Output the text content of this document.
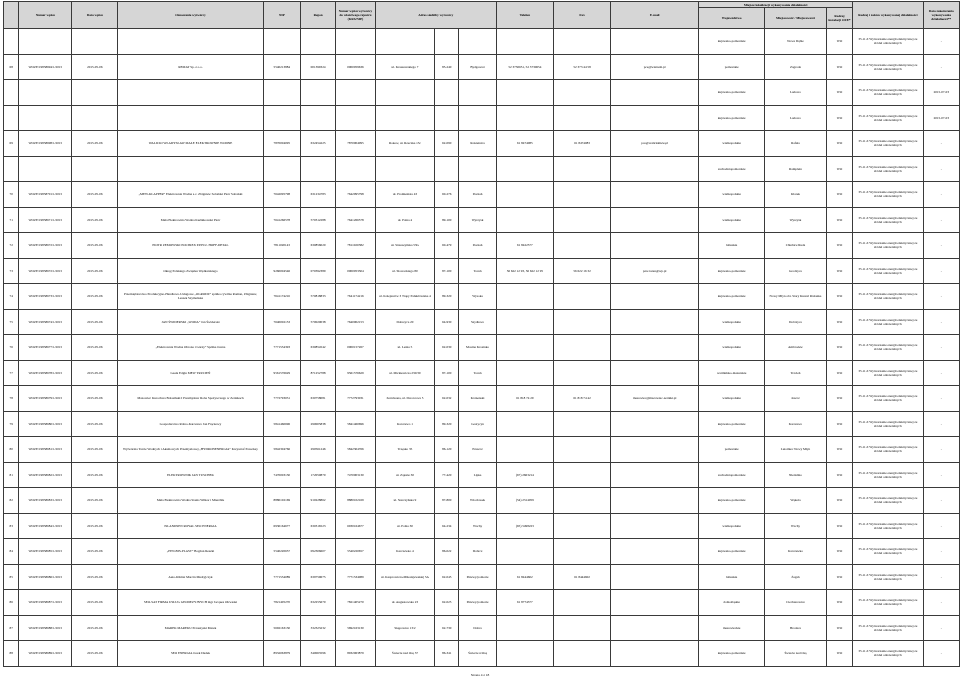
	Numer wpisu	Data wpisu	Oznaczenie wytwórcy	NIP	Regon	Numer wpisu wytwórcy do właściwego rejestru (KRS/NIP)	Adres siedziby wytwórcy			Telefon	Fax	E-mail	Miejsce lokalizacji wykonywania działalności			Rodzaj i zakres wykonywanej działalności	Data zakończenia wykonywania działalności**
													Województwo	Miejscowość / Miejscowości	Rodzaj instalacji OZE*		
													kujawsko-pomorskie	Nowe Dąbie	WO	35.11.Z Wytwarzanie energii elektrycznej ze źródeł odnawialnych	-
68	WOZE/19858694/1/2015	2015-05-06	REMAT Sp. z o.o.	5540213884	001399324	0000059636	ul. Kraszewskiego 7	85-240	Bydgoszcz	52 3730651, 52 3730654	52 373 44 58	pce@wiatrem.pl	pomorskie	Zagroda	WO	35.11.Z Wytwarzanie energii elektrycznej ze źródeł odnawialnych	-
													kujawsko-pomorskie	Ludowo	WO	35.11.Z Wytwarzanie energii elektrycznej ze źródeł odnawialnych	2015-07-03
													kujawsko-pomorskie	Ludowo	WO	35.11.Z Wytwarzanie energii elektrycznej ze źródeł odnawialnych	2015-07-03
69	WOZE/19858698/1/2015	2015-05-06	WALICKI WŁADYSŁAW MAŁE ELEKTROWNIE WODNE	7870004095	632454225	7870004095	Rokow, ul. Rzeczka 13c	62-090	Rokietnica	61 8474085	61 8474083	pce@walickimew.pl	wielkopolskie	Rafała	WO	35.11.Z Wytwarzanie energii elektrycznej ze źródeł odnawialnych	-
													zachodniopomorskie	Ramplein	WO	35.11.Z Wytwarzanie energii elektrycznej ze źródeł odnawialnych	-
70	WOZE/19858701/1/2015	2015-05-06	„MEW-KLAPPER” Elektrownia Wodna s.c. Zbigniew Sobalski Piotr Sobalski	7642095798	631234783	7642095798	ul. Promienista 43	60-276	Poznań				wielkopolskie	Klarek	WO	35.11.Z Wytwarzanie energii elektrycznej ze źródeł odnawialnych	-
71	WOZE/19858671/1/2015	2015-05-06	Mała Elektrownia Wodna Kuźnikowski Piotr	7641266578	570312288	7641266578	ul. Polna 4	89-100	Wyrzysk				wielkopolskie	Wyrzysk	WO	35.11.Z Wytwarzanie energii elektrycznej ze źródeł odnawialnych	-
72	WOZE/19858672/1/2015	2015-05-06	PIOTR ZEMOWSKI POLTREX P.P.H.U. HOFF-DETAL	7811020143	630856020	7811020382	ul. Strzeszyńska 53G	60-479	Poznań	61 8422577			lubuskie	Chlebice Ruda	WO	35.11.Z Wytwarzanie energii elektrycznej ze źródeł odnawialnych	-
73	WOZE/19858672/1/2015	2015-05-06	Okręg Polskiego Związku Wędkarskiego	9260004546	070392389	0000053304	ul. Słowackiego 80	87-100	Toruń	56 622 12 93, 56 622 12 95	56 622 16 32	pzw.torun@wp.pl	kujawsko-pomorskie	Grodzyca	WO	35.11.Z Wytwarzanie energii elektrycznej ze źródeł odnawialnych	-
74	WOZE/19858673/1/2015	2015-05-06	Przedsiębiorstwo Produkcyjno-Handlowo-Usługowe „OGRODZ” spółka cywilna Roman, Zbigniew, Leszek Szymańska	7641174216	570818833	7641174216	ul. Kolejarzów 3 Trapy Pałuklówiska 4	89-320	Wysoka				kujawsko-pomorskie	Nowy Młyn obr. Stary Kurzel Różanka	WO	35.11.Z Wytwarzanie energii elektrycznej ze źródeł odnawialnych	-
75	WOZE/19858674/1/2015	2015-05-06	JAN ŚWIDERSKI „WODA” Jan Świderski	7640002153	570020038	7640002153	Dobrzyca 20	64-930	Szydłowo				wielkopolskie	Dobrzyca	WO	35.11.Z Wytwarzanie energii elektrycznej ze źródeł odnawialnych	-
76	WOZE/19858677/1/2015	2015-05-06	„Elektrownia Wodna Obrona i Górny” Spółka Jawna	7771534393	630854542	0000157267	ul. Leśna 5	62-030	Mosina Krosinko				wielkopolskie	Ambrożew	WO	35.11.Z Wytwarzanie energii elektrycznej ze źródeł odnawialnych	-
77	WOZE/19858678/1/2015	2015-05-06	Gaała Edgin MEW TRZCIEŃ	9561576629	871252788	9561576629	ul. Mickiewicza 230/30	87-100	Toruń				warmińsko-mazurskie	Trzcień	WO	35.11.Z Wytwarzanie energii elektrycznej ze źródeł odnawialnych	-
78	WOZE/19858679/1/2015	2015-05-06	Mazowiec Kurochwa Bolasiński I Przemysław Robe Spożywczego w Zernikach	7772793031	630758081	7772793031	Zerniwana, ul. Dworcowa 5	62-032	Kórnenski	61 818 74 29	61 818 74 42	mazowiec@mazowiec-zerniki.pl	wielkopolskie	Jeszcz	WO	35.11.Z Wytwarzanie energii elektrycznej ze źródeł odnawialnych	-
79	WOZE/19858680/1/2015	2015-05-06	Gospodarstwo Rolno-Karczewo Jan Frąckowy	5841460696	290005838	5841460696	Karczewo 1	89-320	Gostycyn				kujawsko-pomorskie	Karczewo	WO	35.11.Z Wytwarzanie energii elektrycznej ze źródeł odnawialnych	-
80	WOZE/19858681/1/2015	2015-05-06	Wytwórnia Tarcie Wodnych i Aksmowych Przemysłowej „HYDRONENERGIA” Krzysztof Pawelsey	5842304766	290561246	5842304766	Trzęsko 35	86-120	Pruszcz				pomorskie	Lutomiec Nowy Młyn	WO	35.11.Z Wytwarzanie energii elektrycznej ze źródeł odnawialnych	-
81	WOZE/19858682/1/2015	2015-05-06	ELEKTROWNIK JAN TUSCHEK	7470003130	172050870	7470003130	ul. Zajezie 30	77-420	Lipka	(67) 2663214			zachodniopomorskie	Niedalino	WO	35.11.Z Wytwarzanie energii elektrycznej ze źródeł odnawialnych	-
82	WOZE/19858683/1/2015	2015-05-06	Mała Elektrownia Wodna Stanis Wilkor i Mierzbik	8880102169	910228862	8880102169	ul. Starczyńska 9	87-800	Włocławek	(54) 2314059			kujawsko-pomorskie	Wąkoła	WO	35.11.Z Wytwarzanie energii elektrycznej ze źródeł odnawialnych	-
83	WOZE/19858684/1/2015	2015-05-06	ISLANDSEN ROYAL SEO ENERGIA	6930164677	630316523	6930164677	ul. Polna 30	64-234	Wschy	(65) 5498223			wielkopolskie	Wschy	WO	35.11.Z Wytwarzanie energii elektrycznej ze źródeł odnawialnych	-
84	WOZE/19858685/1/2015	2015-05-06	„PEN-BIS-PLAST” Bogdan Reszki	5540220657	092306607	5540220657	Karczewko 4	86-022	Dobrcz				kujawsko-pomorskie	Karczewko	WO	35.11.Z Wytwarzanie energii elektrycznej ze źródeł odnawialnych	-
85	WOZE/19858686/1/2015	2015-05-06	Auto-Klimat Marcin Mudryjczyk	7771534089	639759675	7771534089	ul. Kasprowicza-Mikołajewskiej 5A	62-045	Pniewy/pomorie	61 8444602	61 8444602		lubuskie	Żagań	WO	35.11.Z Wytwarzanie energii elektrycznej ze źródeł odnawialnych	-
86	WOZE/19858687/1/2015	2015-05-06	SEO-SAT FIRMA USŁUG GEODEZYJNYCH mgr Jacques Olrwaski	7821405270	632255670	7821405270	ul. Augustowska 23	62-025	Pniewy/pomorie	61 8774377			dolnośląskie	Ciechanowice	WO	35.11.Z Wytwarzanie energii elektrycznej ze źródeł odnawialnych	-
87	WOZE/19858688/1/2015	2015-05-06	MAREK MAREKU Przasnyski Marek	5692163130	332323232	5692163130	Skąpowice 13/2	62-730	Dobra				mazowieckie	Brodaca	WO	35.11.Z Wytwarzanie energii elektrycznej ze źródeł odnawialnych	-
88	WOZE/19858689/1/2015	2015-05-06	SEO ENERGIA Jacek Dudek	8932063879	340063596	8932063879	Świecie nad Osą 37	86-341	Świecie n/Osą				kujawsko-pomorskie	Świecie nad Osą	WO	35.11.Z Wytwarzanie energii elektrycznej ze źródeł odnawialnych	-
Strona 4 z 18
